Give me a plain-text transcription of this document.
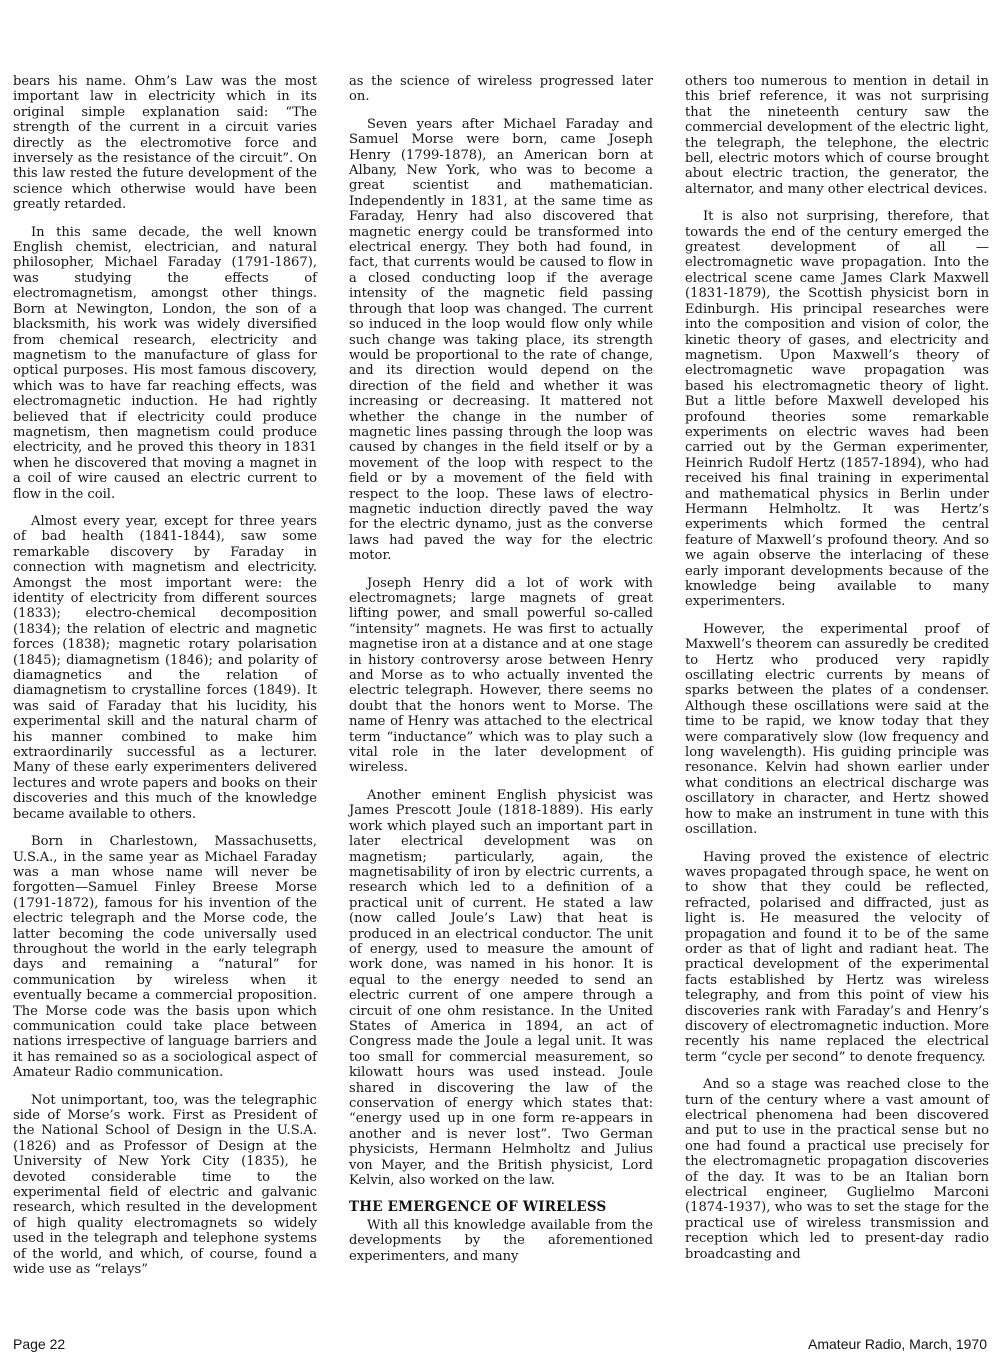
bears his name. Ohm’s Law was the most important law in electricity which in its original simple explanation said: “The strength of the current in a circuit varies directly as the electromotive force and inversely as the resistance of the circuit”. On this law rested the future development of the science which otherwise would have been greatly retarded.

In this same decade, the well known English chemist, electrician, and natural philosopher, Michael Faraday (1791-1867), was studying the effects of electromagnetism, amongst other things. Born at Newington, London, the son of a blacksmith, his work was widely diversified from chemical research, electricity and magnetism to the manufacture of glass for optical purposes. His most famous discovery, which was to have far reaching effects, was electromagnetic induction. He had rightly believed that if electricity could produce magnetism, then magnetism could produce electricity, and he proved this theory in 1831 when he discovered that moving a magnet in a coil of wire caused an electric current to flow in the coil.

Almost every year, except for three years of bad health (1841-1844), saw some remarkable discovery by Faraday in connection with magnetism and electricity. Amongst the most important were: the identity of electricity from different sources (1833); electro-chemical decomposition (1834); the relation of electric and magnetic forces (1838); magnetic rotary polarisation (1845); diamagnetism (1846); and polarity of diamagnetics and the relation of diamagnetism to crystalline forces (1849). It was said of Faraday that his lucidity, his experimental skill and the natural charm of his manner combined to make him extraordinarily successful as a lecturer. Many of these early experimenters delivered lectures and wrote papers and books on their discoveries and this much of the knowledge became available to others.

Born in Charlestown, Massachusetts, U.S.A., in the same year as Michael Faraday was a man whose name will never be forgotten—Samuel Finley Breese Morse (1791-1872), famous for his invention of the electric telegraph and the Morse code, the latter becoming the code universally used throughout the world in the early telegraph days and remaining a “natural” for communication by wireless when it eventually became a commercial proposition. The Morse code was the basis upon which communication could take place between nations irrespective of language barriers and it has remained so as a sociological aspect of Amateur Radio communication.

Not unimportant, too, was the telegraphic side of Morse’s work. First as President of the National School of Design in the U.S.A. (1826) and as Professor of Design at the University of New York City (1835), he devoted considerable time to the experimental field of electric and galvanic research, which resulted in the development of high quality electromagnets so widely used in the telegraph and telephone systems of the world, and which, of course, found a wide use as “relays”

as the science of wireless progressed later on.

Seven years after Michael Faraday and Samuel Morse were born, came Joseph Henry (1799-1878), an American born at Albany, New York, who was to become a great scientist and mathematician. Independently in 1831, at the same time as Faraday, Henry had also discovered that magnetic energy could be transformed into electrical energy. They both had found, in fact, that currents would be caused to flow in a closed conducting loop if the average intensity of the magnetic field passing through that loop was changed. The current so induced in the loop would flow only while such change was taking place, its strength would be proportional to the rate of change, and its direction would depend on the direction of the field and whether it was increasing or decreasing. It mattered not whether the change in the number of magnetic lines passing through the loop was caused by changes in the field itself or by a movement of the loop with respect to the field or by a movement of the field with respect to the loop. These laws of electro-magnetic induction directly paved the way for the electric dynamo, just as the converse laws had paved the way for the electric motor.

Joseph Henry did a lot of work with electromagnets; large magnets of great lifting power, and small powerful so-called “intensity” magnets. He was first to actually magnetise iron at a distance and at one stage in history controversy arose between Henry and Morse as to who actually invented the electric telegraph. However, there seems no doubt that the honors went to Morse. The name of Henry was attached to the electrical term “inductance” which was to play such a vital role in the later development of wireless.

Another eminent English physicist was James Prescott Joule (1818-1889). His early work which played such an important part in later electrical development was on magnetism; particularly, again, the magnetisability of iron by electric currents, a research which led to a definition of a practical unit of current. He stated a law (now called Joule’s Law) that heat is produced in an electrical conductor. The unit of energy, used to measure the amount of work done, was named in his honor. It is equal to the energy needed to send an electric current of one ampere through a circuit of one ohm resistance. In the United States of America in 1894, an act of Congress made the Joule a legal unit. It was too small for commercial measurement, so kilowatt hours was used instead. Joule shared in discovering the law of the conservation of energy which states that: “energy used up in one form re-appears in another and is never lost”. Two German physicists, Hermann Helmholtz and Julius von Mayer, and the British physicist, Lord Kelvin, also worked on the law.

THE EMERGENCE OF WIRELESS

With all this knowledge available from the developments by the aforementioned experimenters, and many

others too numerous to mention in detail in this brief reference, it was not surprising that the nineteenth century saw the commercial development of the electric light, the telegraph, the telephone, the electric bell, electric motors which of course brought about electric traction, the generator, the alternator, and many other electrical devices.

It is also not surprising, therefore, that towards the end of the century emerged the greatest development of all — electromagnetic wave propagation. Into the electrical scene came James Clark Maxwell (1831-1879), the Scottish physicist born in Edinburgh. His principal researches were into the composition and vision of color, the kinetic theory of gases, and electricity and magnetism. Upon Maxwell’s theory of electromagnetic wave propagation was based his electromagnetic theory of light. But a little before Maxwell developed his profound theories some remarkable experiments on electric waves had been carried out by the German experimenter, Heinrich Rudolf Hertz (1857-1894), who had received his final training in experimental and mathematical physics in Berlin under Hermann Helmholtz. It was Hertz’s experiments which formed the central feature of Maxwell’s profound theory. And so we again observe the interlacing of these early imporant developments because of the knowledge being available to many experimenters.

However, the experimental proof of Maxwell’s theorem can assuredly be credited to Hertz who produced very rapidly oscillating electric currents by means of sparks between the plates of a condenser. Although these oscillations were said at the time to be rapid, we know today that they were comparatively slow (low frequency and long wavelength). His guiding principle was resonance. Kelvin had shown earlier under what conditions an electrical discharge was oscillatory in character, and Hertz showed how to make an instrument in tune with this oscillation.

Having proved the existence of electric waves propagated through space, he went on to show that they could be reflected, refracted, polarised and diffracted, just as light is. He measured the velocity of propagation and found it to be of the same order as that of light and radiant heat. The practical development of the experimental facts established by Hertz was wireless telegraphy, and from this point of view his discoveries rank with Faraday’s and Henry’s discovery of electromagnetic induction. More recently his name replaced the electrical term “cycle per second” to denote frequency.

And so a stage was reached close to the turn of the century where a vast amount of electrical phenomena had been discovered and put to use in the practical sense but no one had found a practical use precisely for the electromagnetic propagation discoveries of the day. It was to be an Italian born electrical engineer, Guglielmo Marconi (1874-1937), who was to set the stage for the practical use of wireless transmission and reception which led to present-day radio broadcasting and

Page 22	Amateur Radio, March, 1970
